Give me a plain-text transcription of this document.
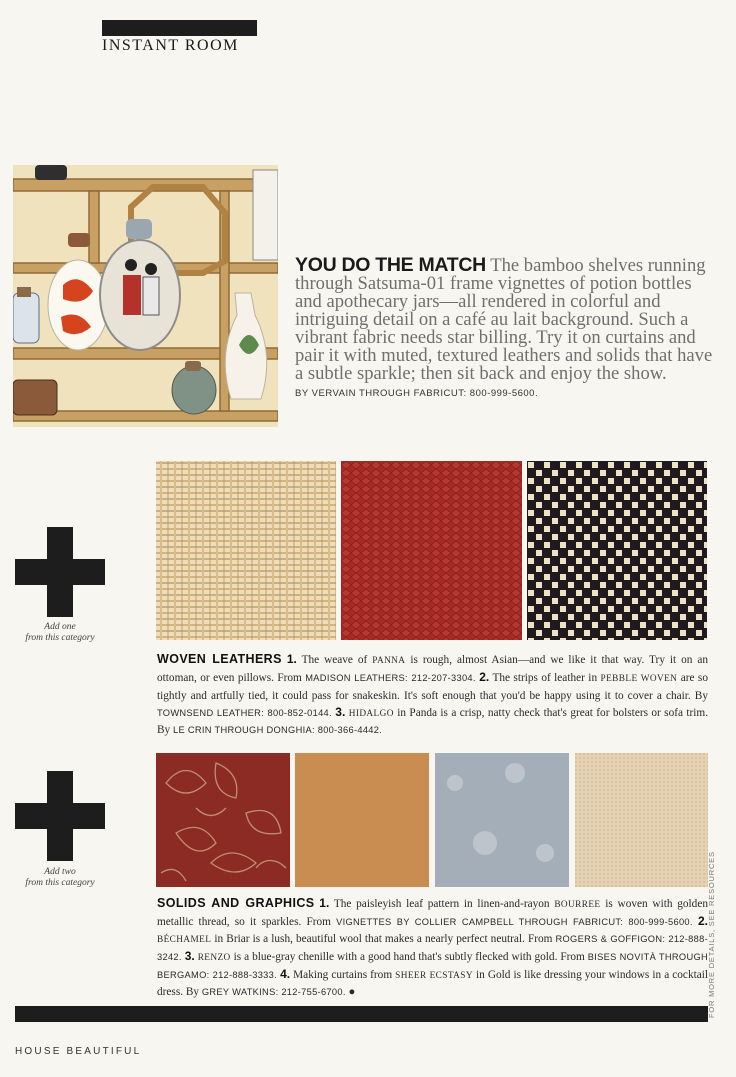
INSTANT ROOM
YOU DO THE MATCH The bamboo shelves running through Satsuma-01 frame vignettes of potion bottles and apothecary jars—all rendered in colorful and intriguing detail on a café au lait background. Such a vibrant fabric needs star billing. Try it on curtains and pair it with muted, textured leathers and solids that have a subtle sparkle; then sit back and enjoy the show.
BY VERVAIN THROUGH FABRICUT: 800-999-5600.
Add one
from this category
WOVEN LEATHERS 1. The weave of PANNA is rough, almost Asian—and we like it that way. Try it on an ottoman, or even pillows. From MADISON LEATHERS: 212-207-3304. 2. The strips of leather in PEBBLE WOVEN are so tightly and artfully tied, it could pass for snakeskin. It's soft enough that you'd be happy using it to cover a chair. By TOWNSEND LEATHER: 800-852-0144. 3. HIDALGO in Panda is a crisp, natty check that's great for bolsters or sofa trim. By LE CRIN THROUGH DONGHIA: 800-366-4442.
Add two
from this category
SOLIDS AND GRAPHICS 1. The paisleyish leaf pattern in linen-and-rayon BOURREE is woven with golden metallic thread, so it sparkles. From VIGNETTES BY COLLIER CAMPBELL THROUGH FABRICUT: 800-999-5600. 2. BÉCHAMEL in Briar is a lush, beautiful wool that makes a nearly perfect neutral. From ROGERS & GOFFIGON: 212-888-3242. 3. RENZO is a blue-gray chenille with a good hand that's subtly flecked with gold. From BISES NOVITÀ THROUGH BERGAMO: 212-888-3333. 4. Making curtains from SHEER ECSTASY in Gold is like dressing your windows in a cocktail dress. By GREY WATKINS: 212-755-6700. ●
HOUSE BEAUTIFUL
FOR MORE DETAILS, SEE RESOURCES
